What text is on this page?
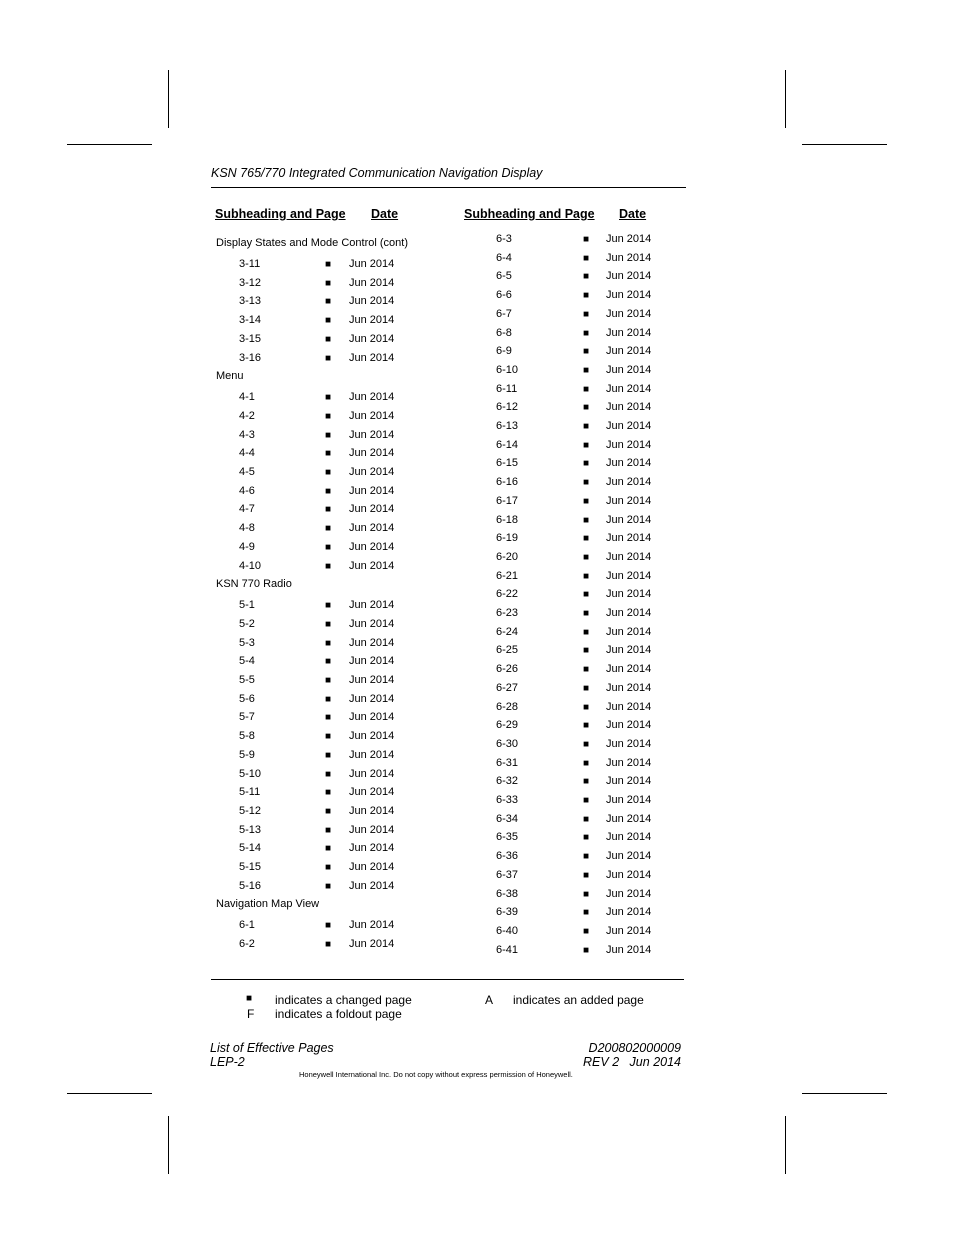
KSN 765/770 Integrated Communication Navigation Display
Subheading and Page Date	Subheading and Page Date
Display States and Mode Control (cont)
3-11	■ Jun 2014
3-12	■ Jun 2014
3-13	■ Jun 2014
3-14	■ Jun 2014
3-15	■ Jun 2014
3-16	■ Jun 2014
Menu
4-1	■ Jun 2014
4-2	■ Jun 2014
4-3	■ Jun 2014
4-4	■ Jun 2014
4-5	■ Jun 2014
4-6	■ Jun 2014
4-7	■ Jun 2014
4-8	■ Jun 2014
4-9	■ Jun 2014
4-10	■ Jun 2014
KSN 770 Radio
5-1	■ Jun 2014
5-2	■ Jun 2014
5-3	■ Jun 2014
5-4	■ Jun 2014
5-5	■ Jun 2014
5-6	■ Jun 2014
5-7	■ Jun 2014
5-8	■ Jun 2014
5-9	■ Jun 2014
5-10	■ Jun 2014
5-11	■ Jun 2014
5-12	■ Jun 2014
5-13	■ Jun 2014
5-14	■ Jun 2014
5-15	■ Jun 2014
5-16	■ Jun 2014
Navigation Map View
6-1	■ Jun 2014
6-2	■ Jun 2014
6-3	■ Jun 2014
6-4	■ Jun 2014
6-5	■ Jun 2014
6-6	■ Jun 2014
6-7	■ Jun 2014
6-8	■ Jun 2014
6-9	■ Jun 2014
6-10	■ Jun 2014
6-11	■ Jun 2014
6-12	■ Jun 2014
6-13	■ Jun 2014
6-14	■ Jun 2014
6-15	■ Jun 2014
6-16	■ Jun 2014
6-17	■ Jun 2014
6-18	■ Jun 2014
6-19	■ Jun 2014
6-20	■ Jun 2014
6-21	■ Jun 2014
6-22	■ Jun 2014
6-23	■ Jun 2014
6-24	■ Jun 2014
6-25	■ Jun 2014
6-26	■ Jun 2014
6-27	■ Jun 2014
6-28	■ Jun 2014
6-29	■ Jun 2014
6-30	■ Jun 2014
6-31	■ Jun 2014
6-32	■ Jun 2014
6-33	■ Jun 2014
6-34	■ Jun 2014
6-35	■ Jun 2014
6-36	■ Jun 2014
6-37	■ Jun 2014
6-38	■ Jun 2014
6-39	■ Jun 2014
6-40	■ Jun 2014
6-41	■ Jun 2014
■ indicates a changed page
F indicates a foldout page
A indicates an added page
List of Effective Pages
LEP-2
D200802000009
REV 2   Jun 2014
Honeywell International Inc. Do not copy without express permission of Honeywell.
